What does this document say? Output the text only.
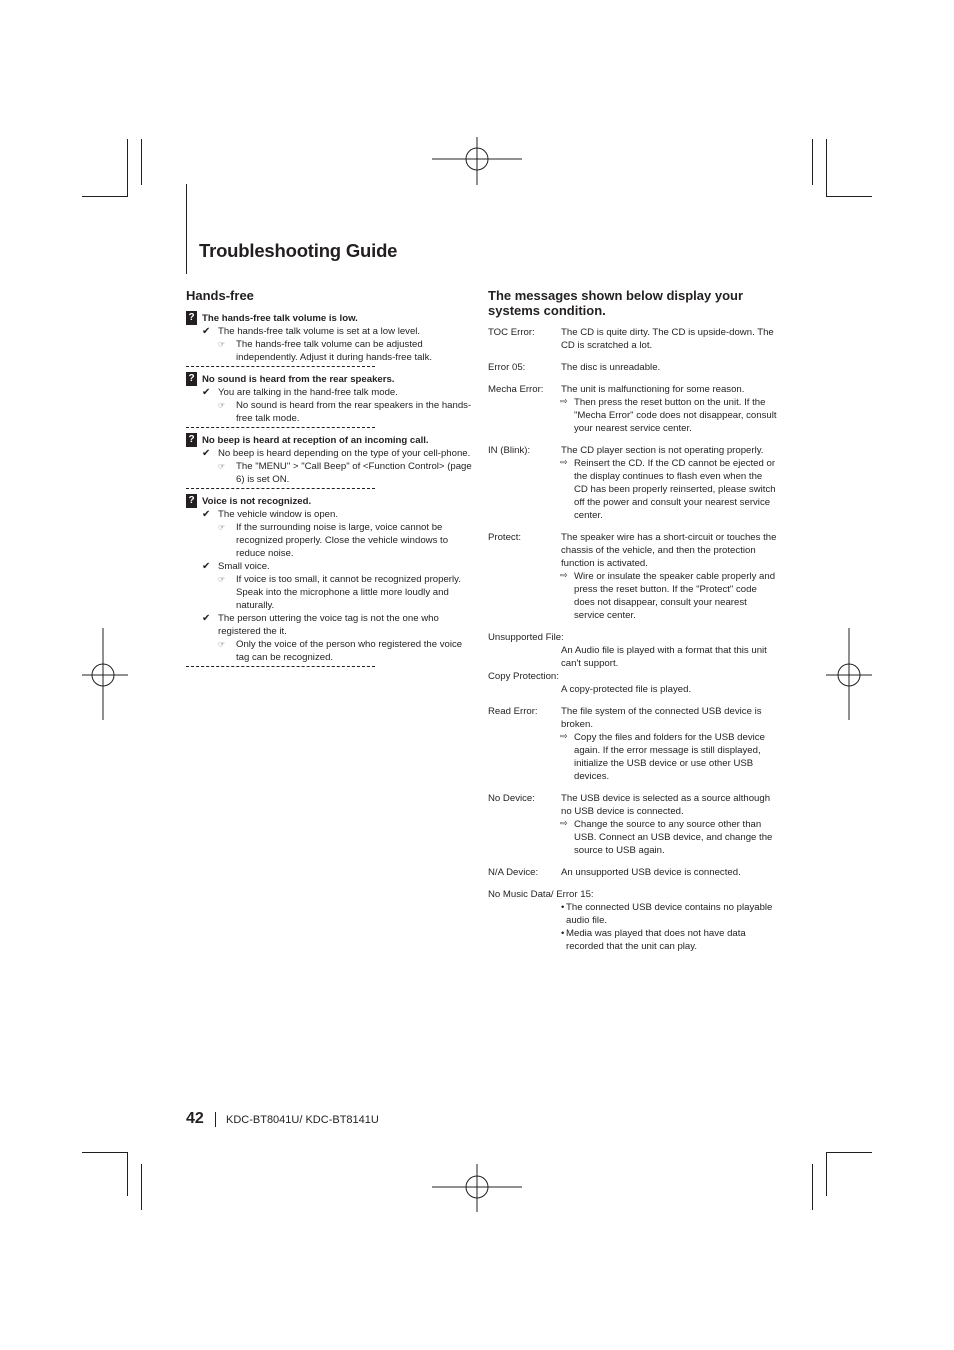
Troubleshooting Guide
Hands-free
? The hands-free talk volume is low.
✔ The hands-free talk volume is set at a low level.
☞ The hands-free talk volume can be adjusted independently. Adjust it during hands-free talk.
? No sound is heard from the rear speakers.
✔ You are talking in the hand-free talk mode.
☞ No sound is heard from the rear speakers in the hands-free talk mode.
? No beep is heard at reception of an incoming call.
✔ No beep is heard depending on the type of your cell-phone.
☞ The "MENU" > "Call Beep" of <Function Control> (page 6) is set ON.
? Voice is not recognized.
✔ The vehicle window is open.
☞ If the surrounding noise is large, voice cannot be recognized properly. Close the vehicle windows to reduce noise.
✔ Small voice.
☞ If voice is too small, it cannot be recognized properly. Speak into the microphone a little more loudly and naturally.
✔ The person uttering the voice tag is not the one who registered the it.
☞ Only the voice of the person who registered the voice tag can be recognized.
The messages shown below display your systems condition.
TOC Error:	The CD is quite dirty. The CD is upside-down. The CD is scratched a lot.
Error 05:	The disc is unreadable.
Mecha Error: The unit is malfunctioning for some reason.
⇨ Then press the reset button on the unit. If the "Mecha Error" code does not disappear, consult your nearest service center.
IN (Blink):	The CD player section is not operating properly.
⇨ Reinsert the CD. If the CD cannot be ejected or the display continues to flash even when the CD has been properly reinserted, please switch off the power and consult your nearest service center.
Protect:	The speaker wire has a short-circuit or touches the chassis of the vehicle, and then the protection function is activated.
⇨ Wire or insulate the speaker cable properly and press the reset button. If the "Protect" code does not disappear, consult your nearest service center.
Unsupported File:
An Audio file is played with a format that this unit can't support.
Copy Protection:
A copy-protected file is played.
Read Error: The file system of the connected USB device is broken.
⇨ Copy the files and folders for the USB device again. If the error message is still displayed, initialize the USB device or use other USB devices.
No Device:	The USB device is selected as a source although no USB device is connected.
⇨ Change the source to any source other than USB. Connect an USB device, and change the source to USB again.
N/A Device: An unsupported USB device is connected.
No Music Data/ Error 15:
• The connected USB device contains no playable audio file.
• Media was played that does not have data recorded that the unit can play.
42 KDC-BT8041U/ KDC-BT8141U
